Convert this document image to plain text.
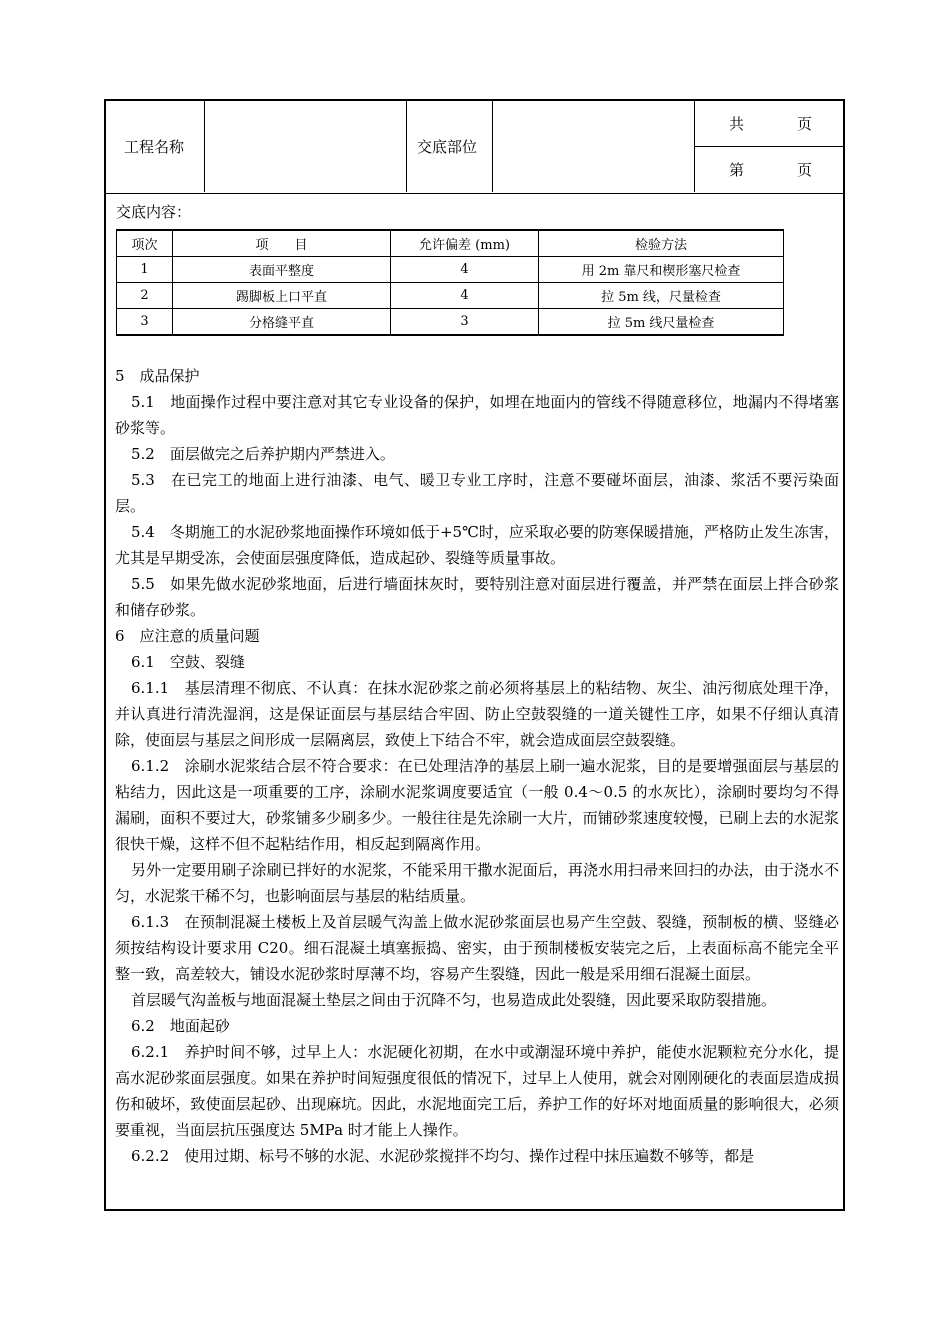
工程名称	交底部位
共	页
第	页
交底内容：
项次	项　　目	允许偏差 (mm)	检验方法
1	表面平整度	4	用 2m 靠尺和楔形塞尺检查
2	踢脚板上口平直	4	拉 5m 线，尺量检查
3	分格缝平直	3	拉 5m 线尺量检查

5　成品保护

5.1　地面操作过程中要注意对其它专业设备的保护，如埋在地面内的管线不得随意移位，地漏内不得堵塞砂浆等。

5.2　面层做完之后养护期内严禁进入。

5.3　在已完工的地面上进行油漆、电气、暖卫专业工序时，注意不要碰坏面层，油漆、浆活不要污染面层。

5.4　冬期施工的水泥砂浆地面操作环境如低于+5℃时，应采取必要的防寒保暖措施，严格防止发生冻害，尤其是早期受冻，会使面层强度降低，造成起砂、裂缝等质量事故。

5.5　如果先做水泥砂浆地面，后进行墙面抹灰时，要特别注意对面层进行覆盖，并严禁在面层上拌合砂浆和储存砂浆。

6　应注意的质量问题

6.1　空鼓、裂缝

6.1.1　基层清理不彻底、不认真：在抹水泥砂浆之前必须将基层上的粘结物、灰尘、油污彻底处理干净，并认真进行清洗湿润，这是保证面层与基层结合牢固、防止空鼓裂缝的一道关键性工序，如果不仔细认真清除，使面层与基层之间形成一层隔离层，致使上下结合不牢，就会造成面层空鼓裂缝。

6.1.2　涂刷水泥浆结合层不符合要求：在已处理洁净的基层上刷一遍水泥浆，目的是要增强面层与基层的粘结力，因此这是一项重要的工序，涂刷水泥浆调度要适宜（一般 0.4～0.5 的水灰比），涂刷时要均匀不得漏刷，面积不要过大，砂浆铺多少刷多少。一般往往是先涂刷一大片，而铺砂浆速度较慢，已刷上去的水泥浆很快干燥，这样不但不起粘结作用，相反起到隔离作用。

另外一定要用刷子涂刷已拌好的水泥浆，不能采用干撒水泥面后，再浇水用扫帚来回扫的办法，由于浇水不匀，水泥浆干稀不匀，也影响面层与基层的粘结质量。

6.1.3　在预制混凝土楼板上及首层暖气沟盖上做水泥砂浆面层也易产生空鼓、裂缝，预制板的横、竖缝必须按结构设计要求用 C20。细石混凝土填塞振捣、密实，由于预制楼板安装完之后，上表面标高不能完全平整一致，高差较大，铺设水泥砂浆时厚薄不均，容易产生裂缝，因此一般是采用细石混凝土面层。

首层暖气沟盖板与地面混凝土垫层之间由于沉降不匀，也易造成此处裂缝，因此要采取防裂措施。

6.2　地面起砂

6.2.1　养护时间不够，过早上人：水泥硬化初期，在水中或潮湿环境中养护，能使水泥颗粒充分水化，提高水泥砂浆面层强度。如果在养护时间短强度很低的情况下，过早上人使用，就会对刚刚硬化的表面层造成损伤和破坏，致使面层起砂、出现麻坑。因此，水泥地面完工后，养护工作的好坏对地面质量的影响很大，必须要重视，当面层抗压强度达 5MPa 时才能上人操作。

6.2.2　使用过期、标号不够的水泥、水泥砂浆搅拌不均匀、操作过程中抹压遍数不够等，都是
